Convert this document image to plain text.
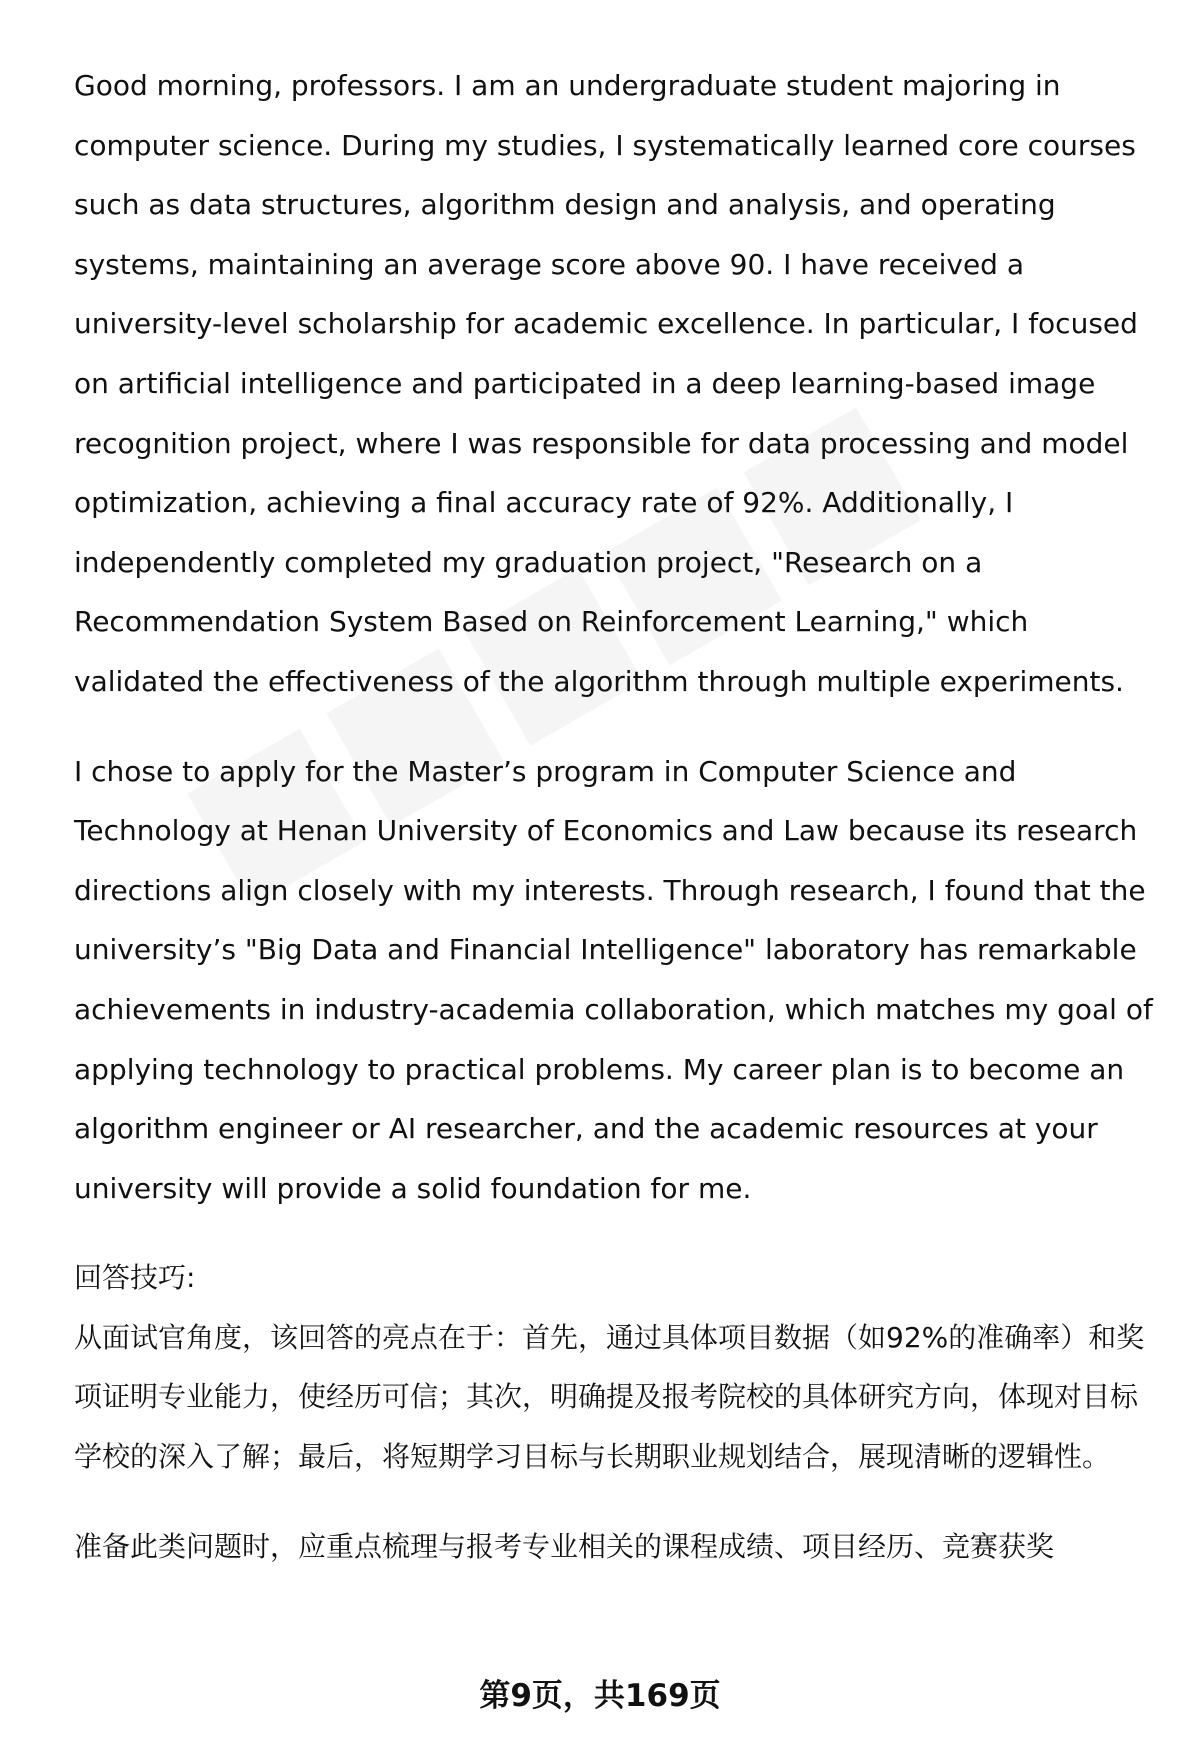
Good morning, professors. I am an undergraduate student majoring in computer science. During my studies, I systematically learned core courses such as data structures, algorithm design and analysis, and operating systems, maintaining an average score above 90. I have received a university-level scholarship for academic excellence. In particular, I focused on artificial intelligence and participated in a deep learning-based image recognition project, where I was responsible for data processing and model optimization, achieving a final accuracy rate of 92%. Additionally, I independently completed my graduation project, "Research on a Recommendation System Based on Reinforcement Learning," which validated the effectiveness of the algorithm through multiple experiments.

I chose to apply for the Master’s program in Computer Science and Technology at Henan University of Economics and Law because its research directions align closely with my interests. Through research, I found that the university’s "Big Data and Financial Intelligence" laboratory has remarkable achievements in industry-academia collaboration, which matches my goal of applying technology to practical problems. My career plan is to become an algorithm engineer or AI researcher, and the academic resources at your university will provide a solid foundation for me.

回答技巧:

从面试官角度，该回答的亮点在于：首先，通过具体项目数据（如92%的准确率）和奖项证明专业能力，使经历可信；其次，明确提及报考院校的具体研究方向，体现对目标学校的深入了解；最后，将短期学习目标与长期职业规划结合，展现清晰的逻辑性。

准备此类问题时，应重点梳理与报考专业相关的课程成绩、项目经历、竞赛获奖

第9页，共169页
